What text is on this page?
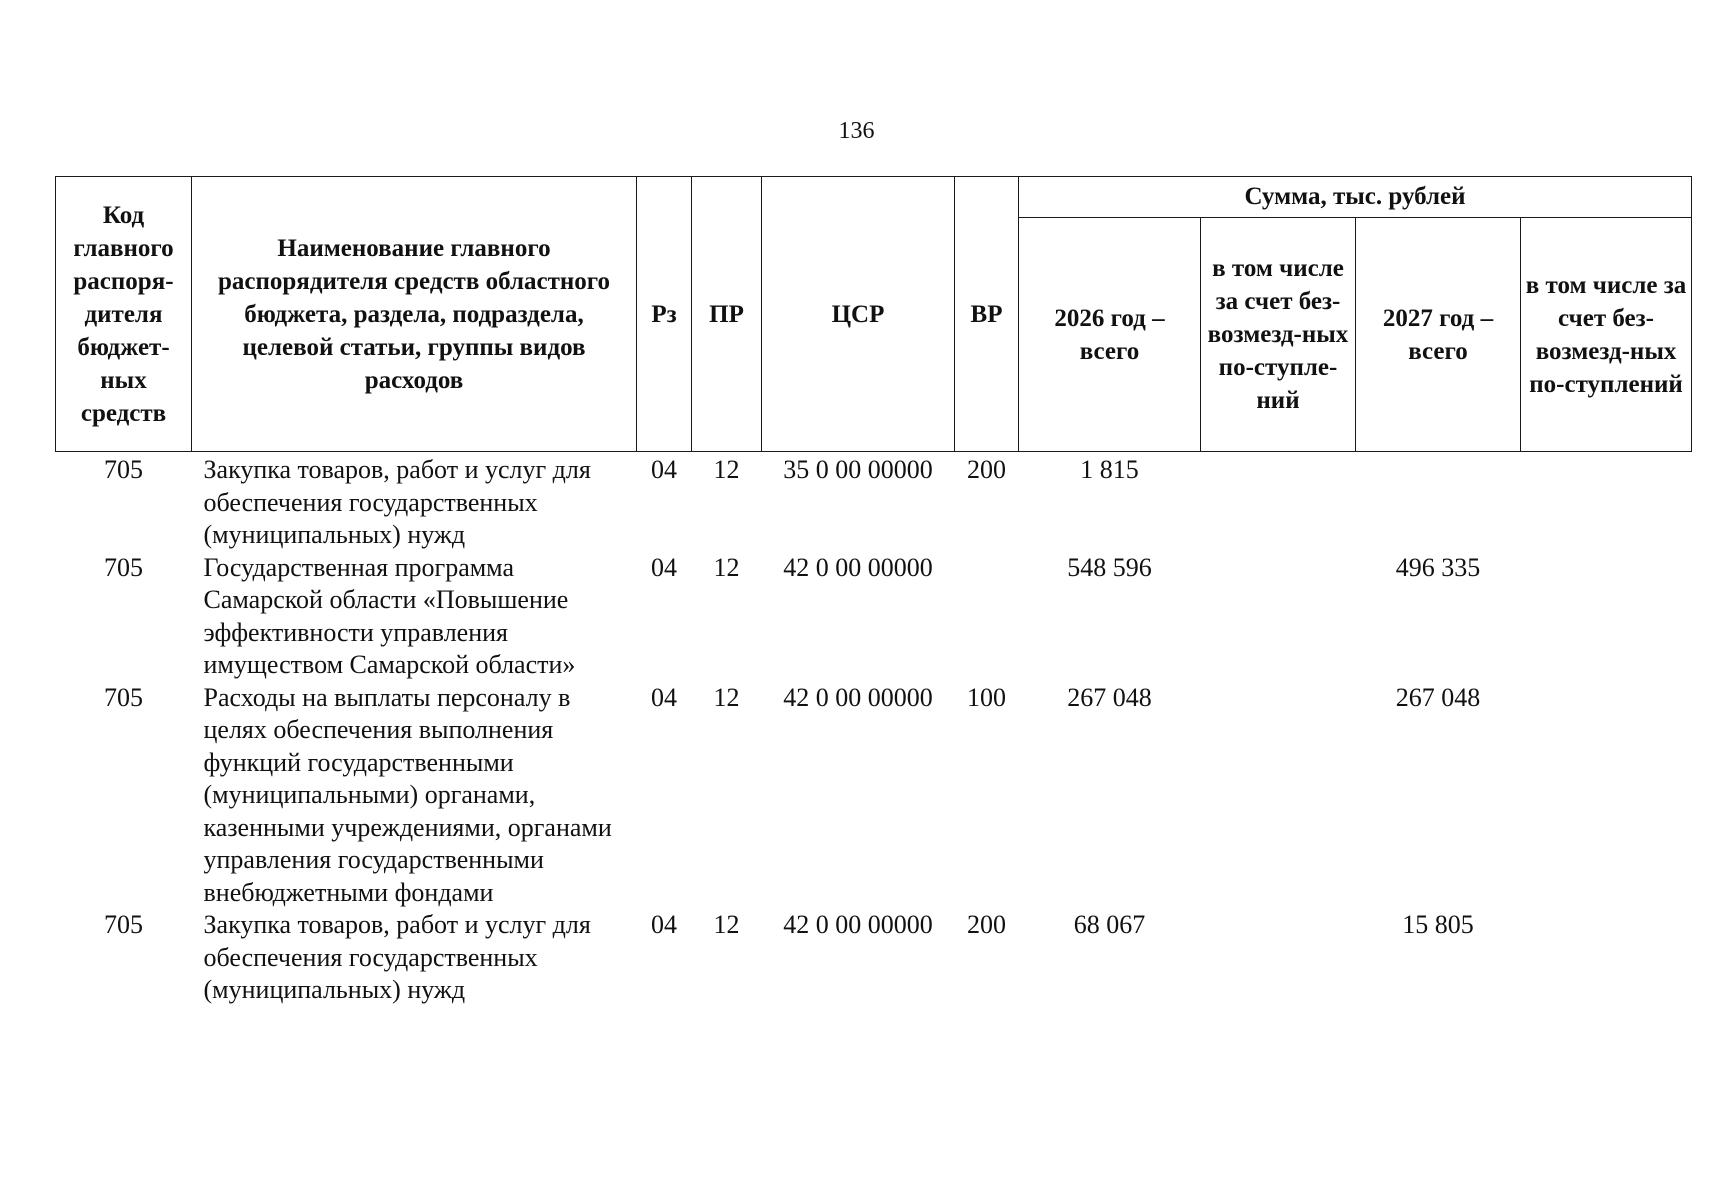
136
Код главного распоря-дителя бюджет-ных средств	Наименование главного распорядителя средств областного бюджета, раздела, подраздела, целевой статьи, группы видов расходов	Рз	ПР	ЦСР	ВР	Сумма, тыс. рублей			
						2026 год – всего	в том числе за счет без-возмезд-ных по-ступле-ний	2027 год – всего	в том числе за счет без-возмезд-ных по-ступлений
705	Закупка товаров, работ и услуг для обеспечения государственных (муниципальных) нужд	04	12	35 0 00 00000	200	1 815			
705	Государственная программа Самарской области «Повышение эффективности управления имуществом Самарской области»	04	12	42 0 00 00000		548 596		496 335	
705	Расходы на выплаты персоналу в целях обеспечения выполнения функций государственными (муниципальными) органами, казенными учреждениями, органами управления государственными внебюджетными фондами	04	12	42 0 00 00000	100	267 048		267 048	
705	Закупка товаров, работ и услуг для обеспечения государственных (муниципальных) нужд	04	12	42 0 00 00000	200	68 067		15 805	
